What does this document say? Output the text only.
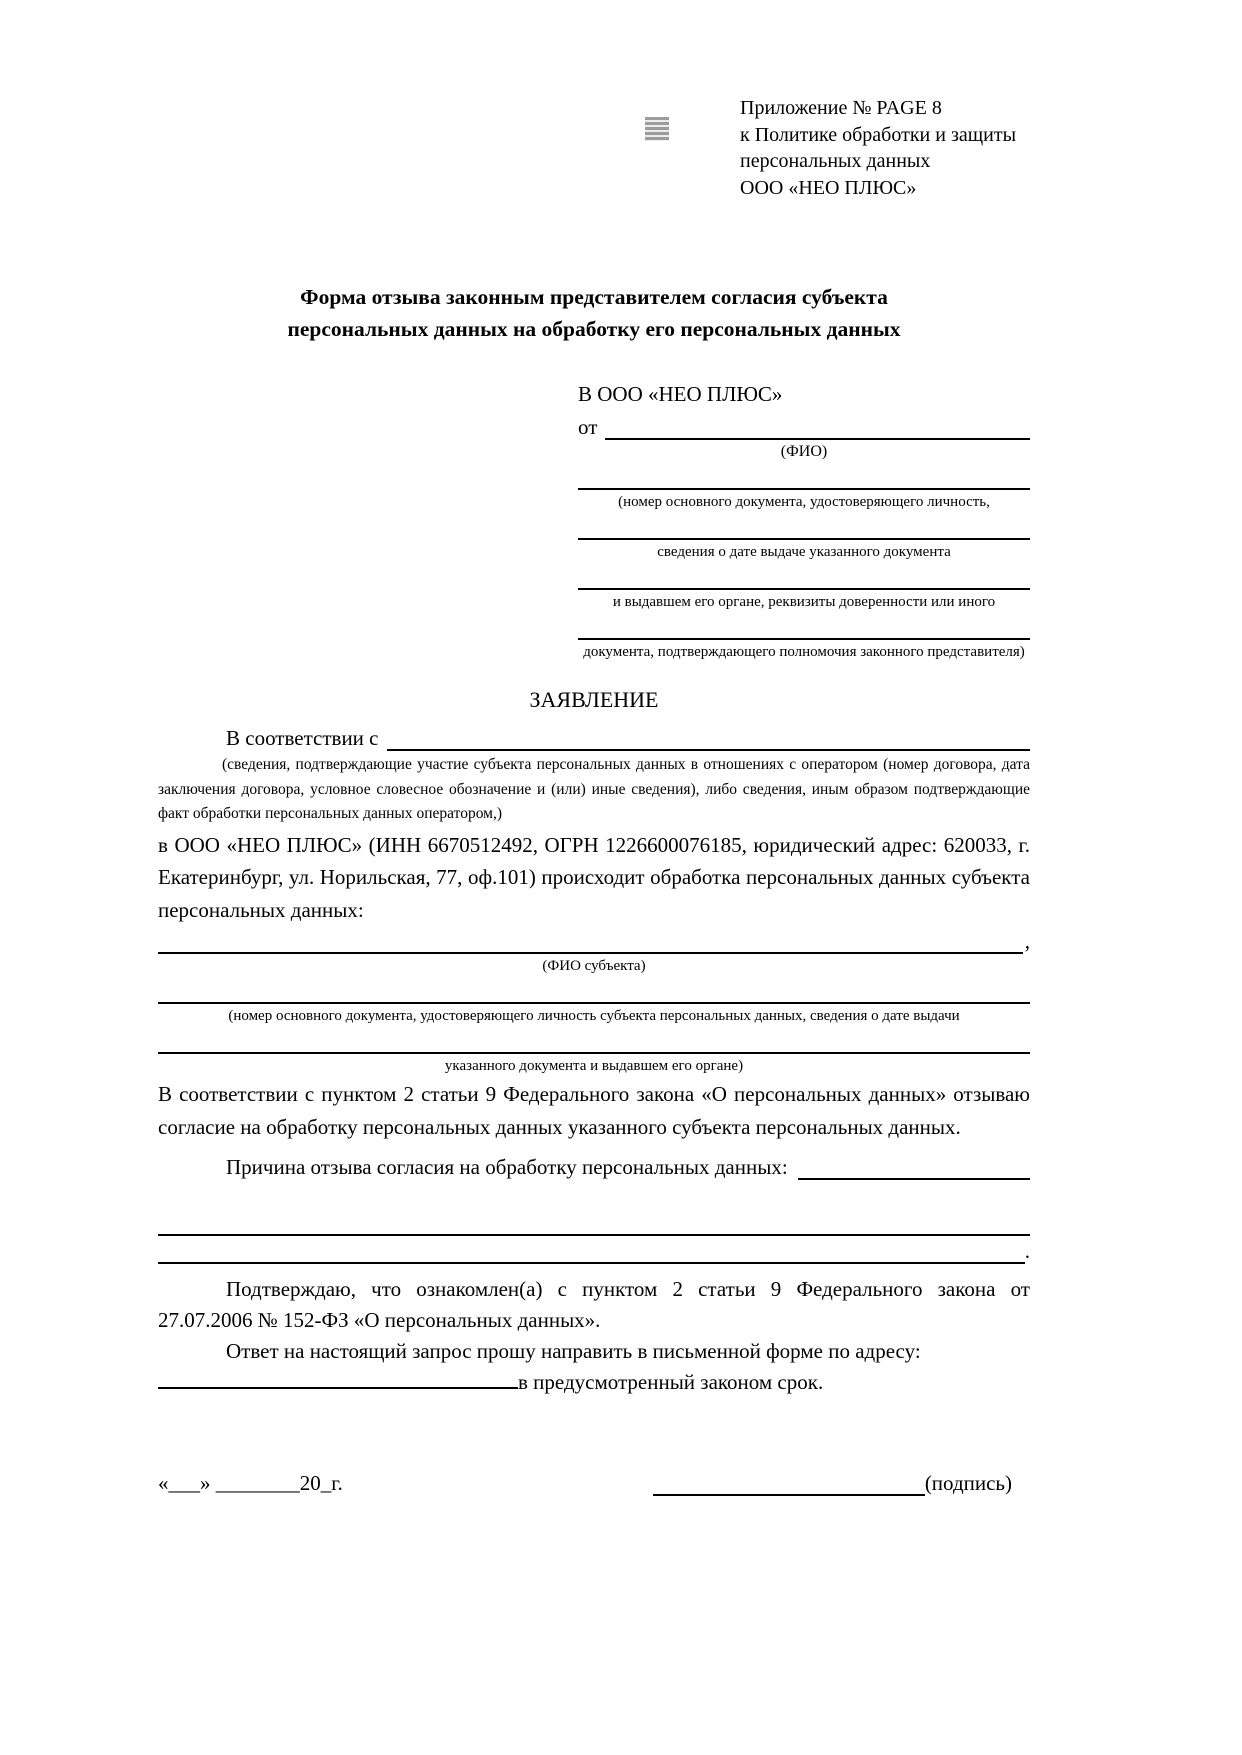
Приложение № PAGE 8
к Политике обработки и защиты
персональных данных
ООО «НЕО ПЛЮС»
Форма отзыва законным представителем согласия субъекта
персональных данных на обработку его персональных данных
В ООО «НЕО ПЛЮС»
от
(ФИО)
(номер основного документа, удостоверяющего личность,
сведения о дате выдаче указанного документа
и выдавшем его органе, реквизиты доверенности или иного
документа, подтверждающего полномочия законного представителя)
ЗАЯВЛЕНИЕ
В соответствии с

(сведения, подтверждающие участие субъекта персональных данных в отношениях с оператором (номер договора, дата заключения договора, условное словесное обозначение и (или) иные сведения), либо сведения, иным образом подтверждающие факт обработки персональных данных оператором,)

в ООО «НЕО ПЛЮС» (ИНН 6670512492, ОГРН 1226600076185, юридический адрес: 620033, г. Екатеринбург, ул. Норильская, 77, оф.101) происходит обработка персональных данных субъекта персональных данных:

,
(ФИО субъекта)
(номер основного документа, удостоверяющего личность субъекта персональных данных, сведения о дате выдачи
указанного документа и выдавшем его органе)

В соответствии с пунктом 2 статьи 9 Федерального закона «О персональных данных» отзываю согласие на обработку персональных данных указанного субъекта персональных данных.

Причина отзыва согласия на обработку персональных данных:
.

Подтверждаю, что ознакомлен(а) с пунктом 2 статьи 9 Федерального закона от 27.07.2006 № 152-ФЗ «О персональных данных».

Ответ на настоящий запрос прошу направить в письменной форме по адресу:
в предусмотренный законом срок.

«___» ________20_г.	(подпись)
